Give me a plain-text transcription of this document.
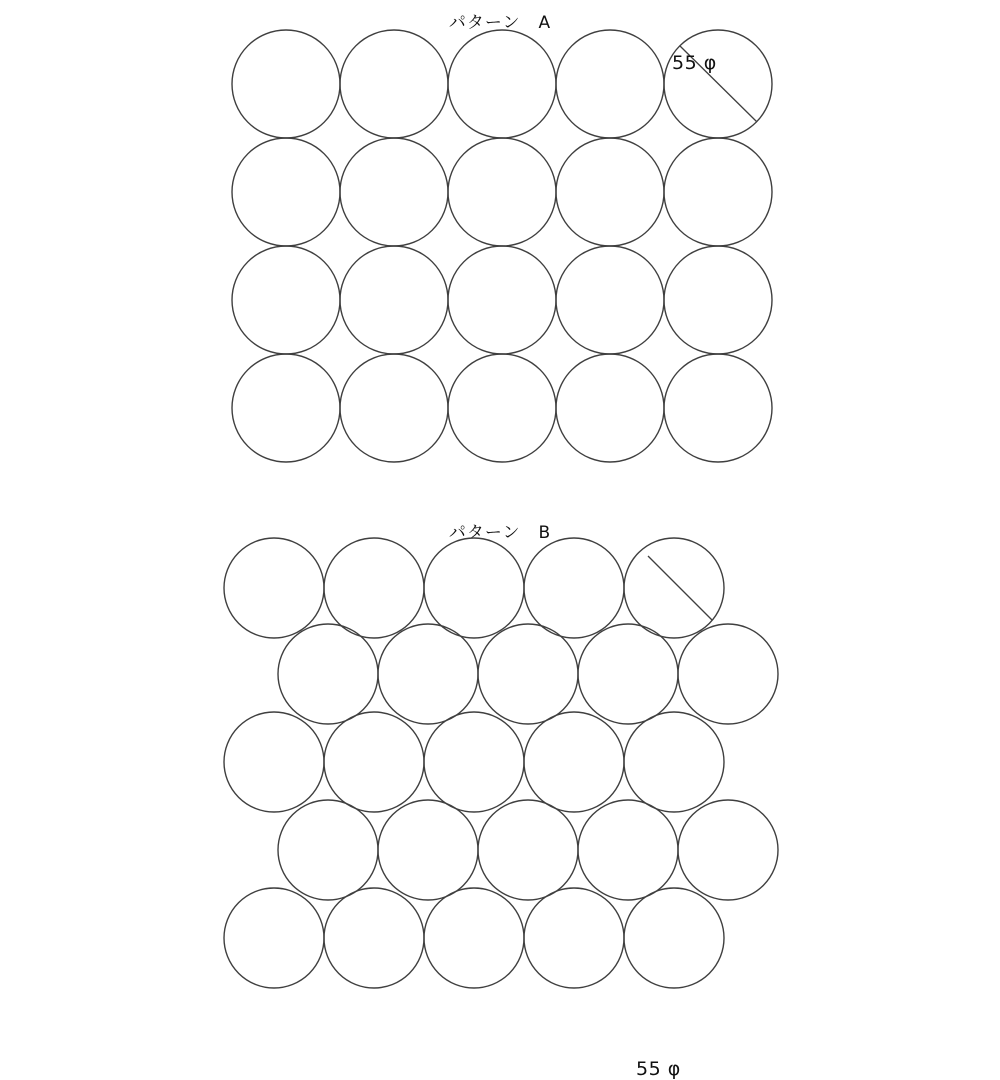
パターン　A
55 φ
パターン　B
55 φ
